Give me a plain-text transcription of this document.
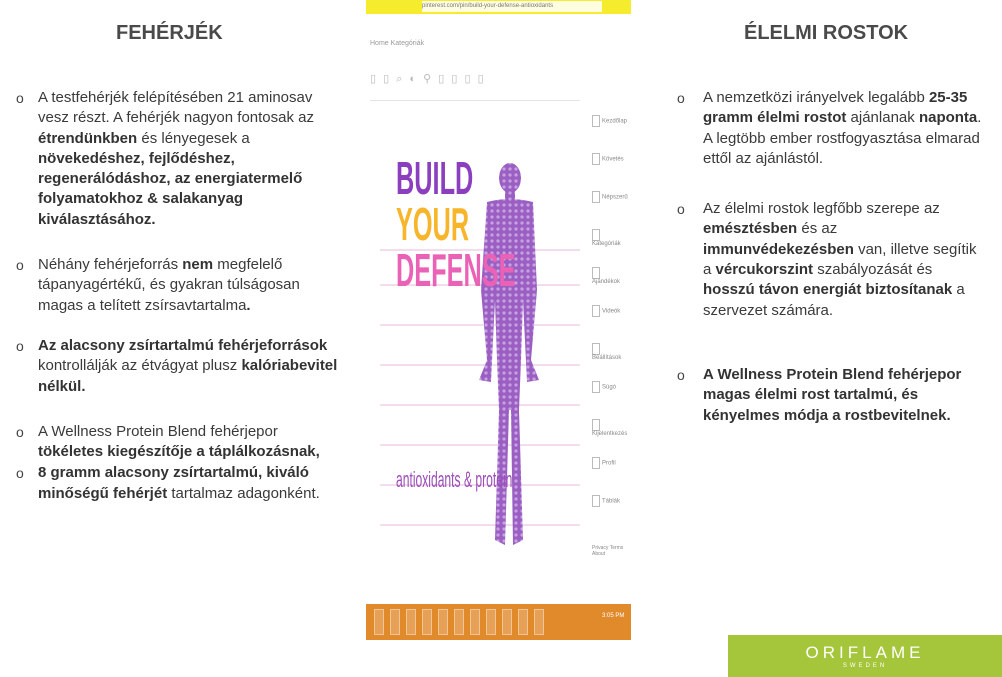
FEHÉRJÉK
o A testfehérjék felépítésében 21 aminosav vesz részt. A fehérjék nagyon fontosak az étrendünkben és lényegesek a növekedéshez, fejlődéshez, regenerálódáshoz, az energiatermelő folyamatokhoz & salakanyag kiválasztásához.
o Néhány fehérjeforrás nem megfelelő tápanyagértékű, és gyakran túlságosan magas a telített zsírsavtartalma.
o Az alacsony zsírtartalmú fehérjeforrások kontrollálják az étvágyat plusz kalóriabevitel nélkül.
o A Wellness Protein Blend fehérjepor tökéletes kiegészítője a táplálkozásnak,
o 8 gramm alacsony zsírtartalmú, kiváló minőségű fehérjét tartalmaz adagonként.
pinterest.com/pin/build-your-defense-antioxidants
Home Kategóriák
▯ ▯ ⌕ ◐ ⚲ ▯ ▯ ▯ ▯
Kezdőlap
Követés
Népszerű
Kategóriák
Ajándékok
Videók
Beállítások
Súgó
Kijelentkezés
Profil
Táblák
Privacy Terms About
3:05 PM
BUILD
YOUR
DEFENSE
antioxidants & protein
ÉLELMI ROSTOK
o A nemzetközi irányelvek legalább 25-35 gramm élelmi rostot ajánlanak naponta. A legtöbb ember rostfogyasztása elmarad ettől az ajánlástól.
o Az élelmi rostok legfőbb szerepe az emésztésben és az immunvédekezésben van, illetve segítik a vércukorszint szabályozását és hosszú távon energiát biztosítanak a szervezet számára.
o A Wellness Protein Blend fehérjepor magas élelmi rost tartalmú, és kényelmes módja a rostbevitelnek.
ORIFLAME
SWEDEN
